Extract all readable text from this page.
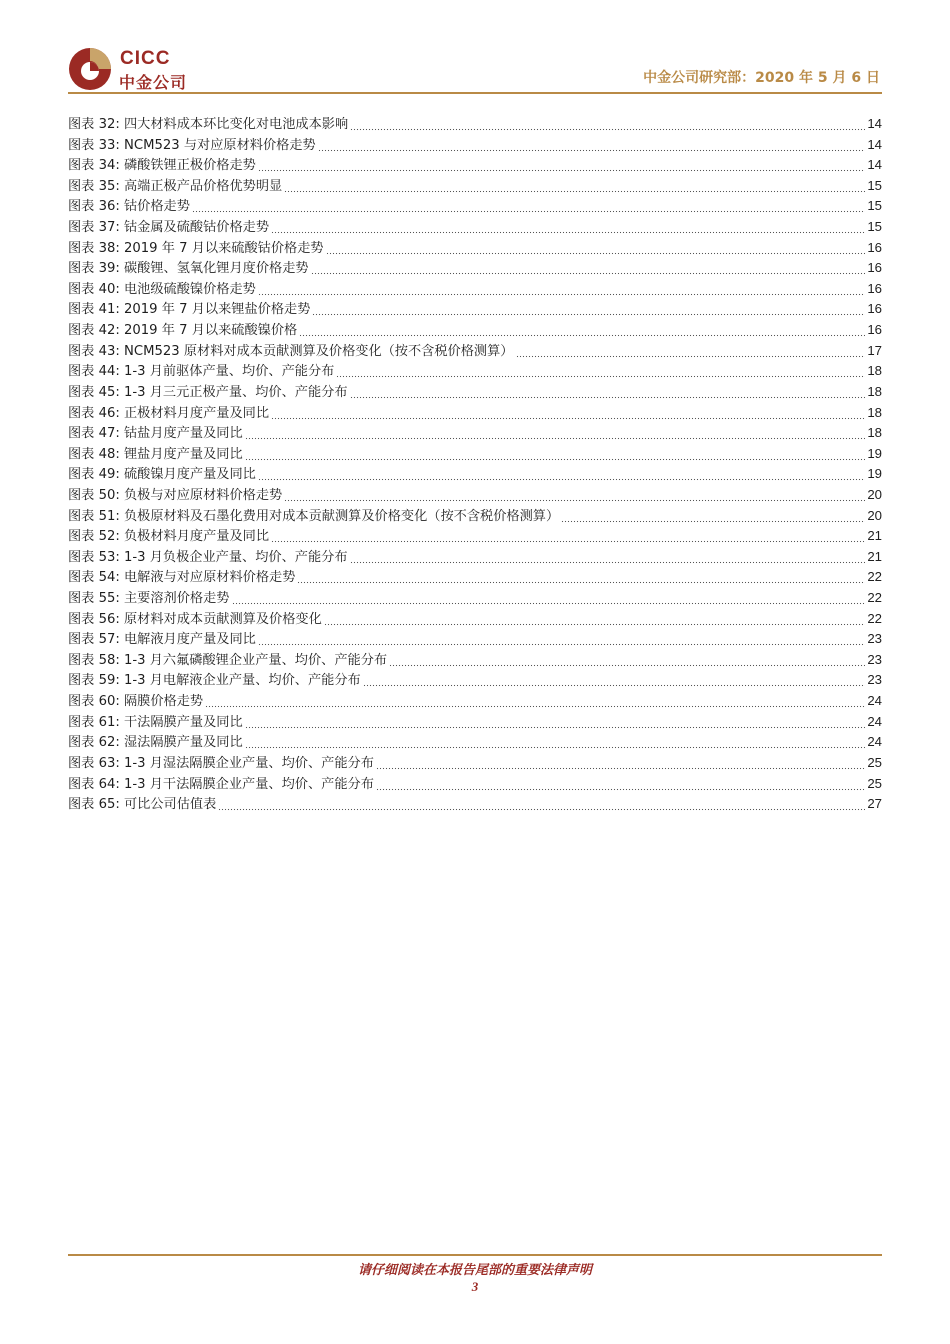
CICC
中金公司	中金公司研究部：2020 年 5 月 6 日
图表 32: 四大材料成本环比变化对电池成本影响	14
图表 33: NCM523 与对应原材料价格走势	14
图表 34: 磷酸铁锂正极价格走势	14
图表 35: 高端正极产品价格优势明显	15
图表 36: 钴价格走势	15
图表 37: 钴金属及硫酸钴价格走势	15
图表 38: 2019 年 7 月以来硫酸钴价格走势	16
图表 39: 碳酸锂、氢氧化锂月度价格走势	16
图表 40: 电池级硫酸镍价格走势	16
图表 41: 2019 年 7 月以来锂盐价格走势	16
图表 42: 2019 年 7 月以来硫酸镍价格	16
图表 43: NCM523 原材料对成本贡献测算及价格变化（按不含税价格测算）	17
图表 44: 1-3 月前驱体产量、均价、产能分布	18
图表 45: 1-3 月三元正极产量、均价、产能分布	18
图表 46: 正极材料月度产量及同比	18
图表 47: 钴盐月度产量及同比	18
图表 48: 锂盐月度产量及同比	19
图表 49: 硫酸镍月度产量及同比	19
图表 50: 负极与对应原材料价格走势	20
图表 51: 负极原材料及石墨化费用对成本贡献测算及价格变化（按不含税价格测算）	20
图表 52: 负极材料月度产量及同比	21
图表 53: 1-3 月负极企业产量、均价、产能分布	21
图表 54: 电解液与对应原材料价格走势	22
图表 55: 主要溶剂价格走势	22
图表 56: 原材料对成本贡献测算及价格变化	22
图表 57: 电解液月度产量及同比	23
图表 58: 1-3 月六氟磷酸锂企业产量、均价、产能分布	23
图表 59: 1-3 月电解液企业产量、均价、产能分布	23
图表 60: 隔膜价格走势	24
图表 61: 干法隔膜产量及同比	24
图表 62: 湿法隔膜产量及同比	24
图表 63: 1-3 月湿法隔膜企业产量、均价、产能分布	25
图表 64: 1-3 月干法隔膜企业产量、均价、产能分布	25
图表 65: 可比公司估值表	27
请仔细阅读在本报告尾部的重要法律声明
3
